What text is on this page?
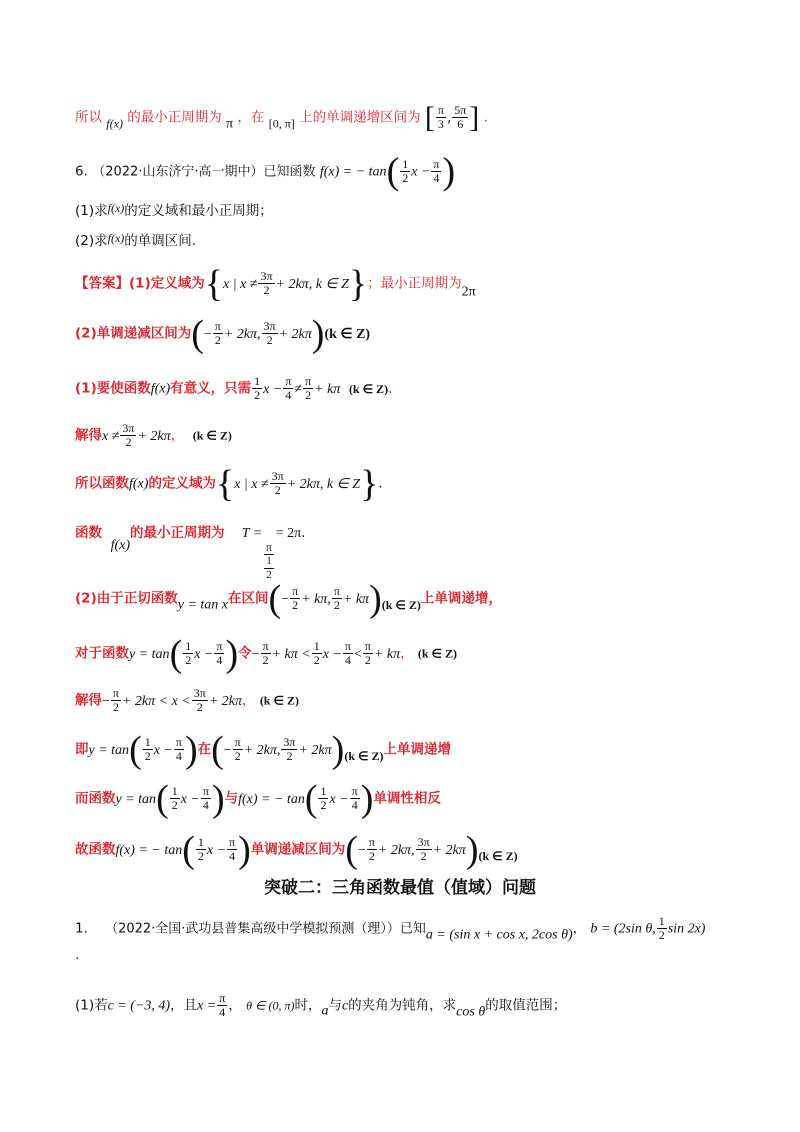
所以 f(x) 的最小正周期为 π ，在 [0, π] 上的单调递增区间为 [ $\frac{\pi}{3}$ , $\frac{5\pi}{6}$ ] .
6. （2022·山东济宁·高一期中）已知函数 f(x) = − $\tan( \frac{1}{2}$ $x - \frac{\pi}{4}$ )
(1)求f(x)的定义域和最小正周期；
(2)求f(x)的单调区间.
【答案】(1)定义域为{x | $x \ne \frac{3\pi}{2} + 2k\pi$, k ∈ Z}；最小正周期为2π
(2)单调递减区间为(− $\frac{\pi}{2} + 2k\pi$, $\frac{3\pi}{2} + 2k\pi)(k$ ∈ Z)
(1)要使函数f(x)有意义，只需 $\frac{1}{2}$ $x - \frac{\pi}{4} \ne \frac{\pi}{2} + k\pi$ (k ∈ Z)，
解得$x \ne \frac{3\pi}{2} + 2k\pi$， (k ∈ Z)
所以函数f(x)的定义域为{x | $x \ne \frac{3\pi}{2} + 2k\pi$, k ∈ Z}.
函数  f(x)的最小正周期为 T =
$\frac{\pi}{\frac{1}{2}}$
= 2π.
(2)由于正切函数y = tan x在区间(− $\frac{\pi}{2} + k\pi$, $\frac{\pi}{2} + k\pi)(k$ ∈ Z)上单调递增，
对于函数$y = \tan( \frac{1}{2}$ $x - \frac{\pi}{4}$ )令− $\frac{\pi}{2} + k\pi < \frac{1}{2}$ $x - \frac{\pi}{4} < \frac{\pi}{2} + k\pi$， (k ∈ Z)
解得− $\frac{\pi}{2} + 2k\pi < x < \frac{3\pi}{2} + 2k\pi$， (k ∈ Z)
即$y = \tan( \frac{1}{2}$ $x - \frac{\pi}{4}$ )在(− $\frac{\pi}{2} + 2k\pi$, $\frac{3\pi}{2} + 2k\pi)(k$ ∈ Z)上单调递增
而函数$y = \tan( \frac{1}{2}$ $x - \frac{\pi}{4}$ )与f(x) = − $\tan( \frac{1}{2}$ $x - \frac{\pi}{4}$ )单调性相反
故函数f(x) = − $\tan( \frac{1}{2}$ $x - \frac{\pi}{4}$ )单调递减区间为(− $\frac{\pi}{2} + 2k\pi$, $\frac{3\pi}{2} + 2k\pi)(k$ ∈ Z)
突破二：三角函数最值（值域）问题
1. （2022·全国·武功县普集高级中学模拟预测（理））已知a = (sin x + cos x, 2cos θ)， b = (2sin θ, $\frac{1}{2}$ sin 2x)
.
(1)若c = (−3, 4)，且$x = \frac{\pi}{4}$ ， θ ∈ (0, π)时，a与c的夹角为钝角，求cos θ的取值范围；
